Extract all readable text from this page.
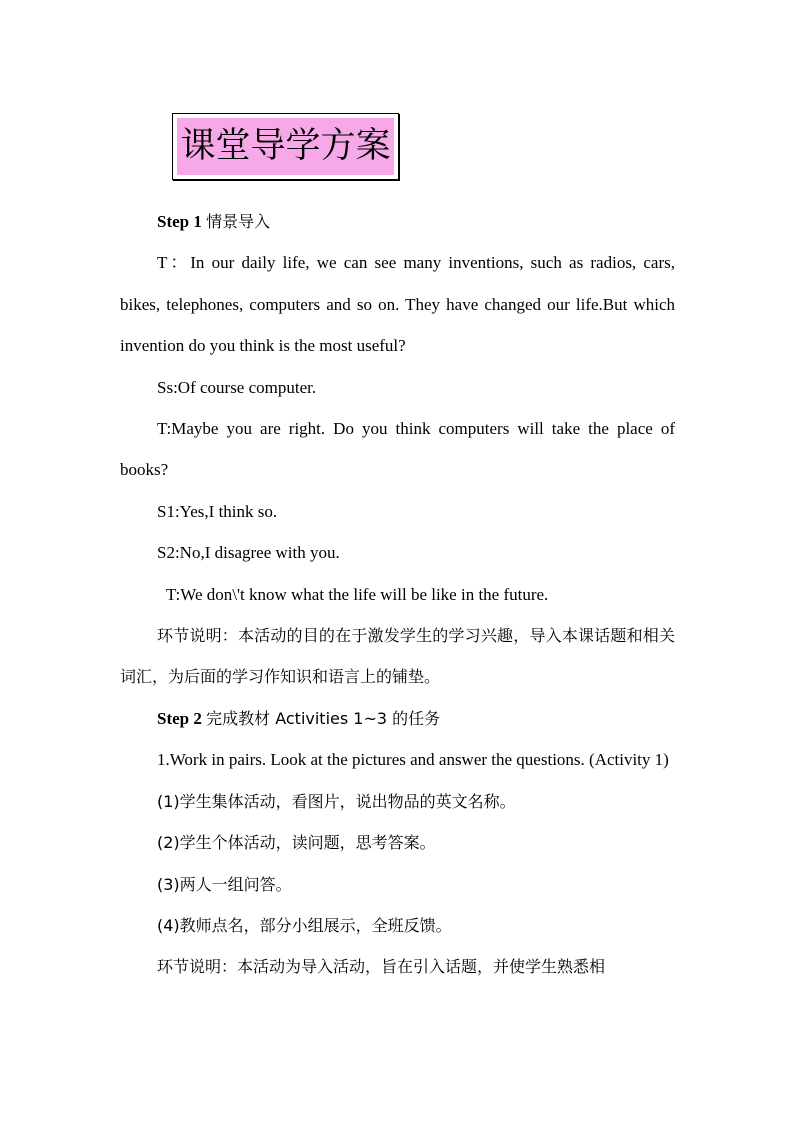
课堂导学方案

Step 1 情景导入

T：In our daily life, we can see many inventions, such as radios, cars, bikes, telephones, computers and so on. They have changed our life.But which invention do you think is the most useful?

Ss:Of course computer.

T:Maybe you are right. Do you think computers will take the place of books?

S1:Yes,I think so.

S2:No,I disagree with you.

T:We don\'t know what the life will be like in the future.

环节说明：本活动的目的在于激发学生的学习兴趣，导入本课话题和相关词汇，为后面的学习作知识和语言上的铺垫。

Step 2 完成教材 Activities 1~3 的任务

1.Work in pairs. Look at the pictures and answer the questions. (Activity 1)

(1)学生集体活动，看图片，说出物品的英文名称。

(2)学生个体活动，读问题，思考答案。

(3)两人一组问答。

(4)教师点名，部分小组展示，全班反馈。

环节说明：本活动为导入活动，旨在引入话题，并使学生熟悉相
